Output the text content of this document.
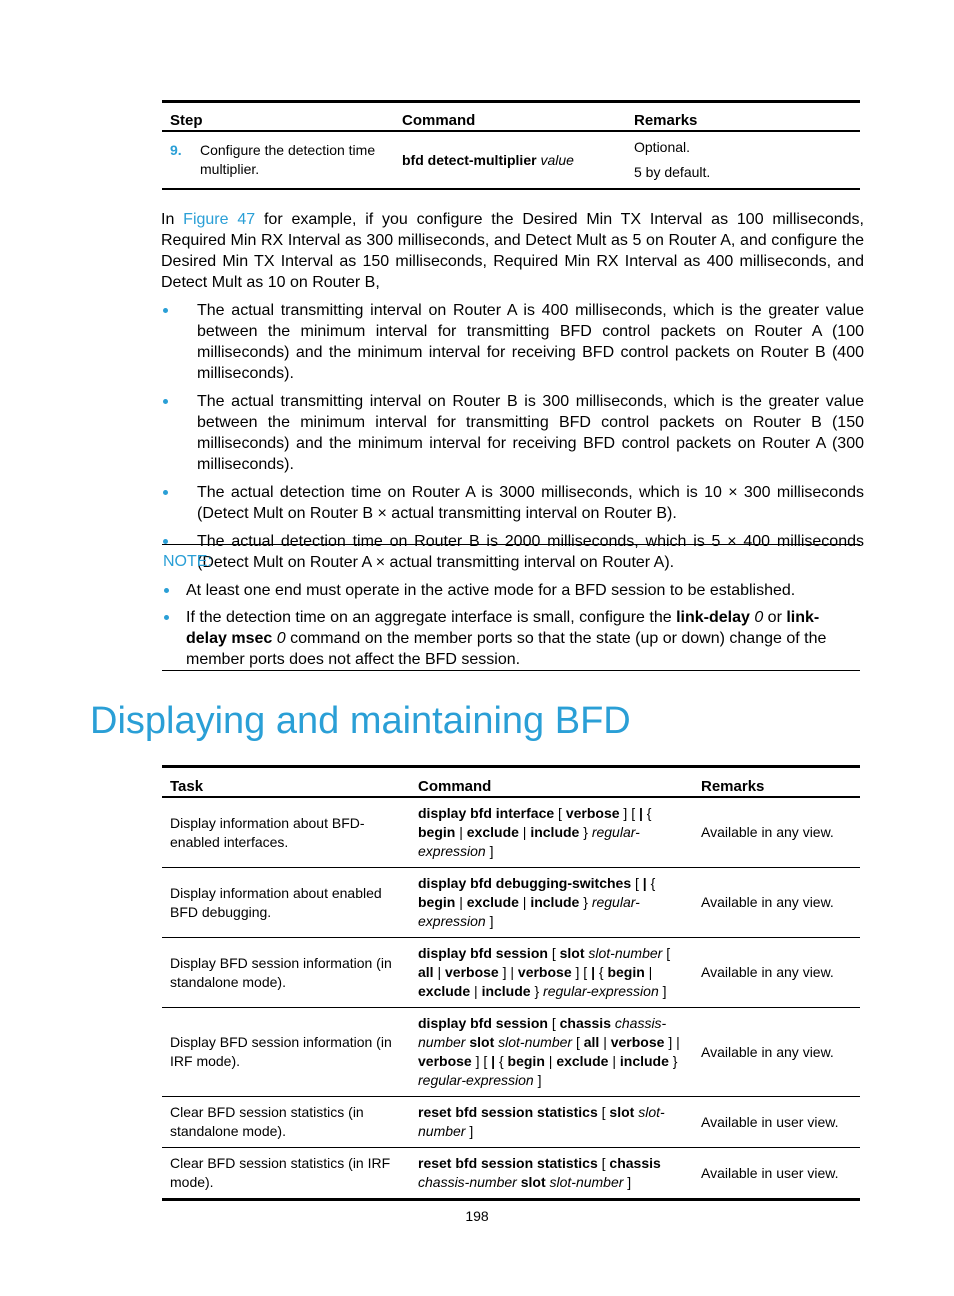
Step	Command	Remarks
9. Configure the detection time multiplier.	bfd detect-multiplier value	Optional.
5 by default.
In Figure 47 for example, if you configure the Desired Min TX Interval as 100 milliseconds, Required Min RX Interval as 300 milliseconds, and Detect Mult as 5 on Router A, and configure the Desired Min TX Interval as 150 milliseconds, Required Min RX Interval as 400 milliseconds, and Detect Mult as 10 on Router B,
The actual transmitting interval on Router A is 400 milliseconds, which is the greater value between the minimum interval for transmitting BFD control packets on Router A (100 milliseconds) and the minimum interval for receiving BFD control packets on Router B (400 milliseconds).
The actual transmitting interval on Router B is 300 milliseconds, which is the greater value between the minimum interval for transmitting BFD control packets on Router B (150 milliseconds) and the minimum interval for receiving BFD control packets on Router A (300 milliseconds).
The actual detection time on Router A is 3000 milliseconds, which is 10 × 300 milliseconds (Detect Mult on Router B × actual transmitting interval on Router B).
The actual detection time on Router B is 2000 milliseconds, which is 5 × 400 milliseconds (Detect Mult on Router A × actual transmitting interval on Router A).
NOTE:
At least one end must operate in the active mode for a BFD session to be established.
If the detection time on an aggregate interface is small, configure the link-delay 0 or link-delay msec 0 command on the member ports so that the state (up or down) change of the member ports does not affect the BFD session.
Displaying and maintaining BFD
Task	Command	Remarks
Display information about BFD-enabled interfaces.	display bfd interface [ verbose ] [ | { begin | exclude | include } regular-expression ]	Available in any view.
Display information about enabled BFD debugging.	display bfd debugging-switches [ | { begin | exclude | include } regular-expression ]	Available in any view.
Display BFD session information (in standalone mode).	display bfd session [ slot slot-number [ all | verbose ] | verbose ] [ | { begin | exclude | include } regular-expression ]	Available in any view.
Display BFD session information (in IRF mode).	display bfd session [ chassis chassis-number slot slot-number [ all | verbose ] | verbose ] [ | { begin | exclude | include } regular-expression ]	Available in any view.
Clear BFD session statistics (in standalone mode).	reset bfd session statistics [ slot slot-number ]	Available in user view.
Clear BFD session statistics (in IRF mode).	reset bfd session statistics [ chassis chassis-number slot slot-number ]	Available in user view.
198
